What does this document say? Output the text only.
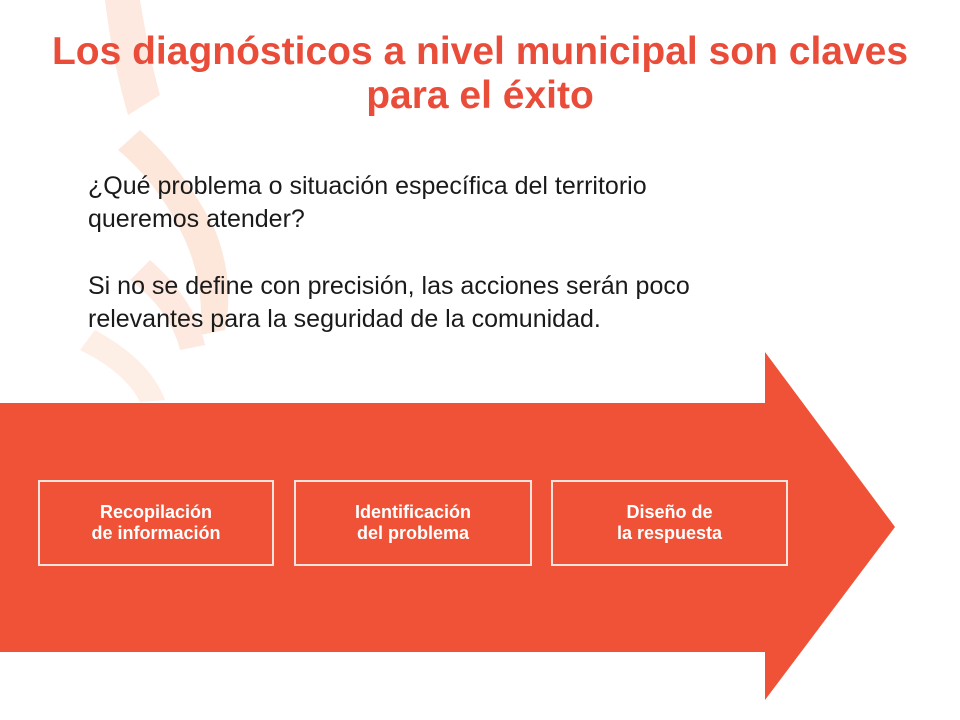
Los diagnósticos a nivel municipal son claves para el éxito

¿Qué problema o situación específica del territorio queremos atender?

Si no se define con precisión, las acciones serán poco relevantes para la seguridad de la comunidad.

Recopilación
de información
Identificación
del problema
Diseño de
la respuesta
